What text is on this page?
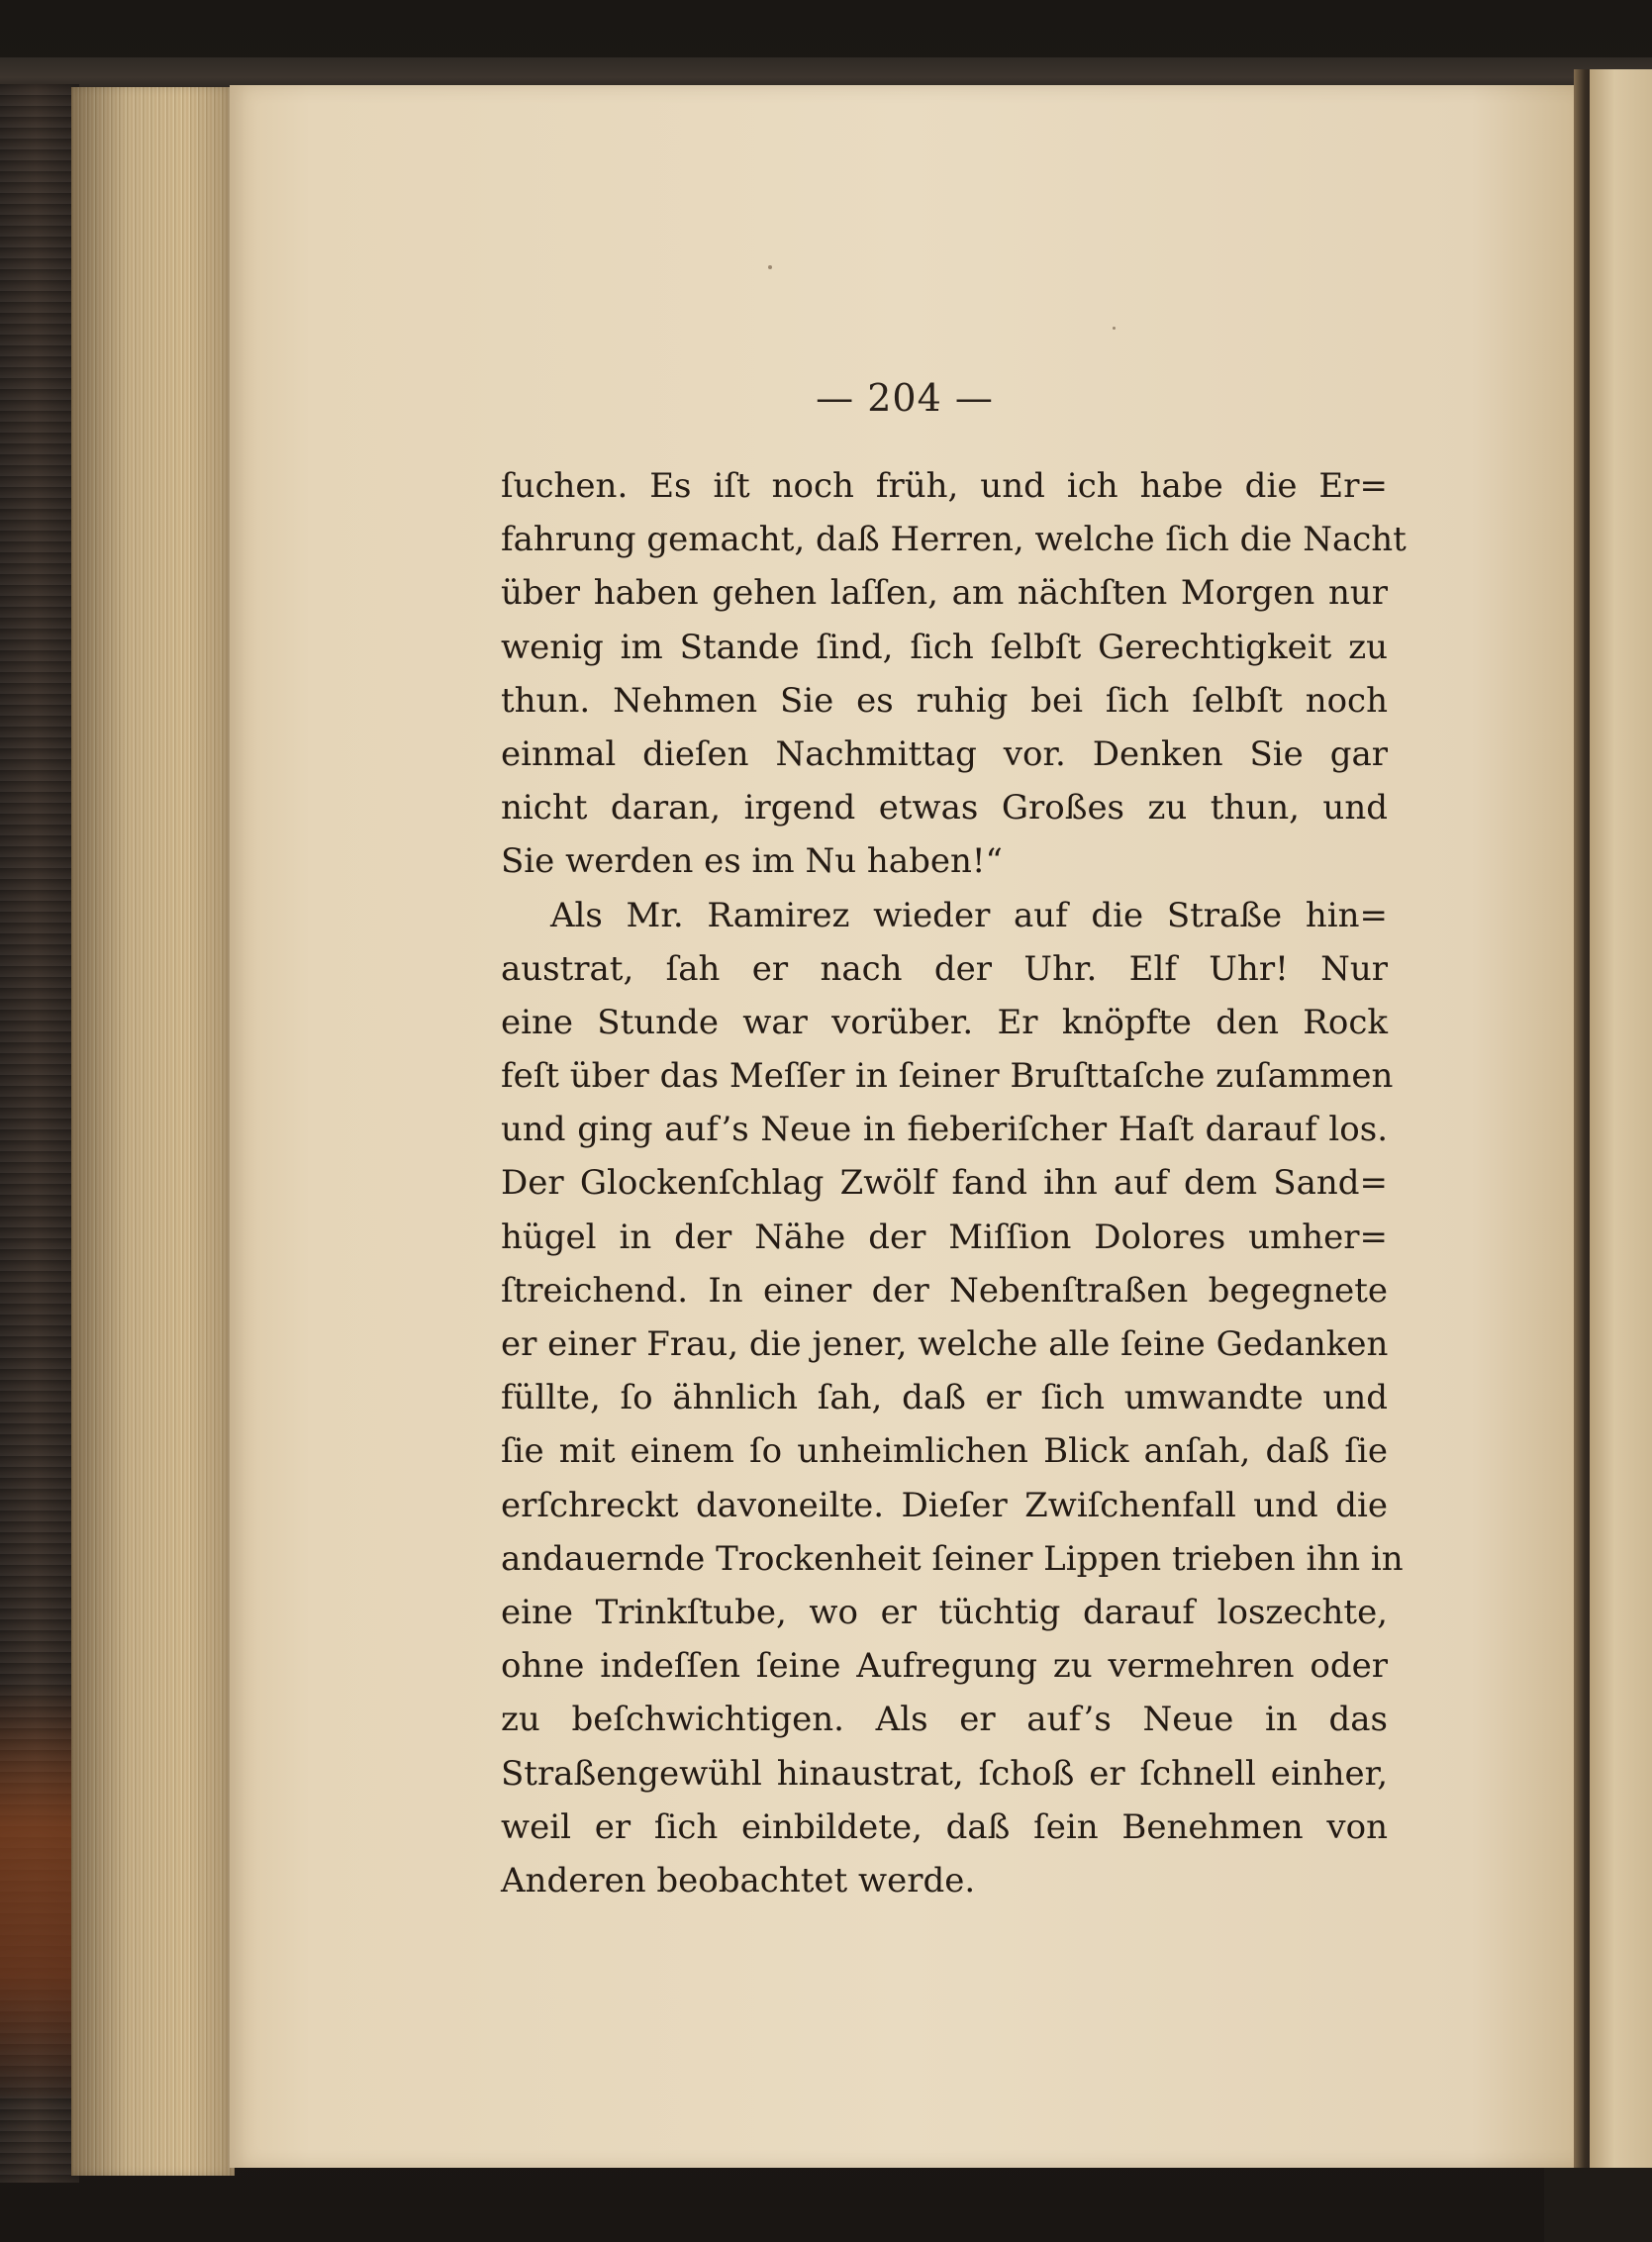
— 204 —
ſuchen. Es iſt noch früh, und ich habe die Er=
fahrung gemacht, daß Herren, welche ſich die Nacht
über haben gehen laſſen, am nächſten Morgen nur
wenig im Stande ſind, ſich ſelbſt Gerechtigkeit zu
thun. Nehmen Sie es ruhig bei ſich ſelbſt noch
einmal dieſen Nachmittag vor. Denken Sie gar
nicht daran, irgend etwas Großes zu thun, und
Sie werden es im Nu haben!“
Als Mr. Ramirez wieder auf die Straße hin=
austrat, ſah er nach der Uhr. Elf Uhr! Nur
eine Stunde war vorüber. Er knöpfte den Rock
feſt über das Meſſer in ſeiner Bruſttaſche zuſammen
und ging auf’s Neue in fieberiſcher Haſt darauf los.
Der Glockenſchlag Zwölf fand ihn auf dem Sand=
hügel in der Nähe der Miſſion Dolores umher=
ſtreichend. In einer der Nebenſtraßen begegnete
er einer Frau, die jener, welche alle ſeine Gedanken
füllte, ſo ähnlich ſah, daß er ſich umwandte und
ſie mit einem ſo unheimlichen Blick anſah, daß ſie
erſchreckt davoneilte. Dieſer Zwiſchenfall und die
andauernde Trockenheit ſeiner Lippen trieben ihn in
eine Trinkſtube, wo er tüchtig darauf loszechte,
ohne indeſſen ſeine Aufregung zu vermehren oder
zu beſchwichtigen. Als er auf’s Neue in das
Straßengewühl hinaustrat, ſchoß er ſchnell einher,
weil er ſich einbildete, daß ſein Benehmen von
Anderen beobachtet werde.
